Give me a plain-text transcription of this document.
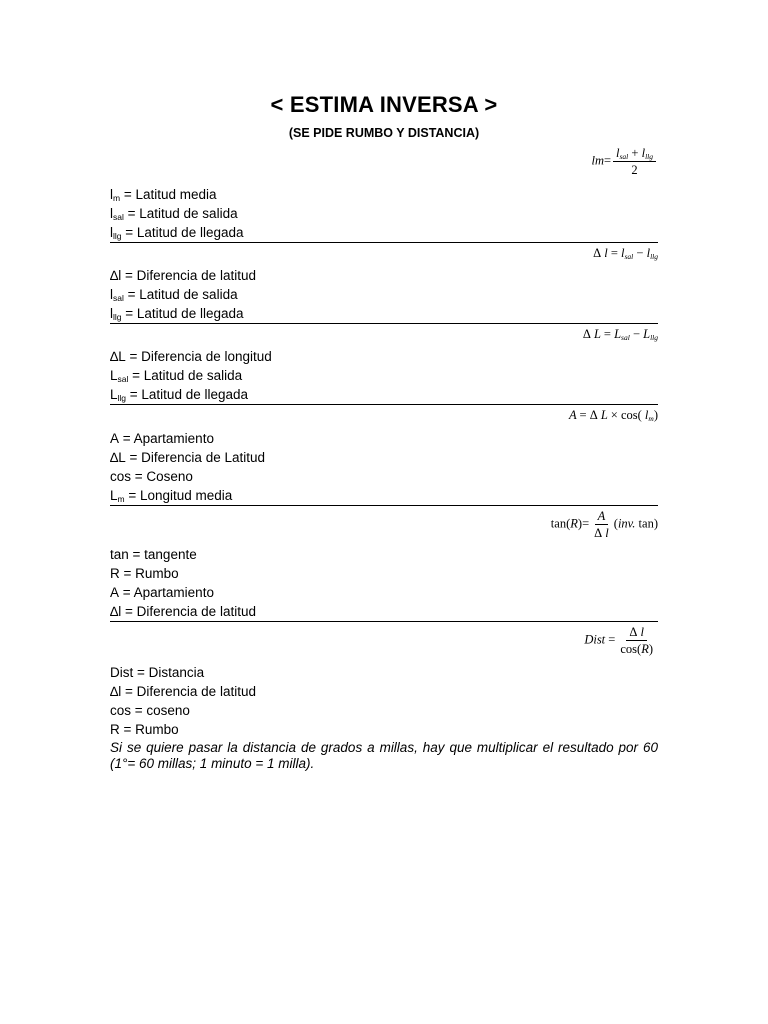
< ESTIMA INVERSA >
(SE PIDE RUMBO Y DISTANCIA)
$lm= \frac{l_{sal} + l_{llg}}{2}$
$l_m$ = Latitud media
$l_{sal}$ = Latitud de salida
$l_{llg}$ = Latitud de llegada
Δ $l = l_{sal} - l_{llg}$
∆l = Diferencia de latitud
$l_{sal}$ = Latitud de salida
$l_{llg}$ = Latitud de llegada
Δ $L = L_{sal} - L_{llg}$
∆L = Diferencia de longitud
$L_{sal}$ = Latitud de salida
$L_{llg}$ = Latitud de llegada
A = Δ L × cos( $l_m$)
A = Apartamiento
∆L = Diferencia de Latitud
cos = Coseno
$L_m$ = Longitud media
$\tan(R)= \frac{A}{\text{Δ l}} (inv$. tan)
tan = tangente
R = Rumbo
A = Apartamiento
∆l = Diferencia de latitud
Dist = $\frac{\text{Δ l}}{\cos(R)}$
Dist = Distancia
∆l = Diferencia de latitud
cos = coseno
R = Rumbo
Si se quiere pasar la distancia de grados a millas, hay que multiplicar el resultado por 60 (1°= 60 millas; 1 minuto = 1 milla).
